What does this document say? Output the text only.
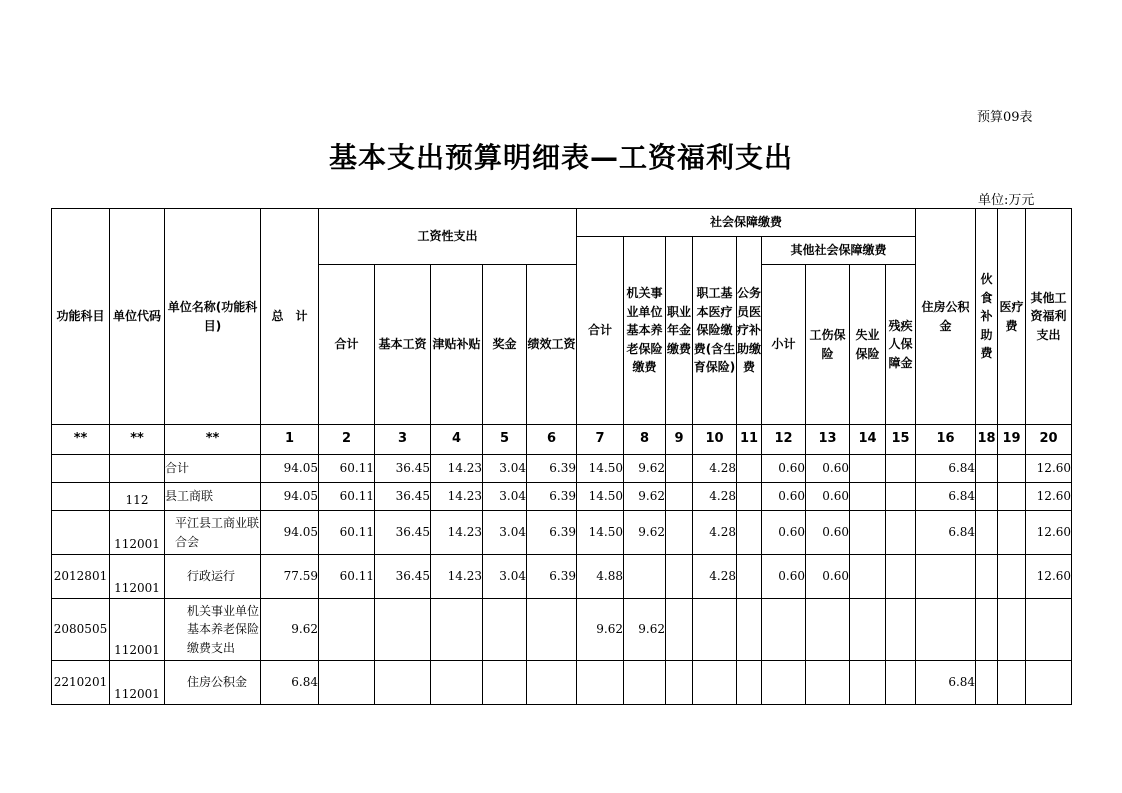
预算09表
基本支出预算明细表—工资福利支出
单位:万元
功能科目	单位代码	单位名称(功能科目)	总　计	工资性支出					社会保障缴费									住房公积金	伙食补助费	医疗费	其他工资福利支出
									合计	机关事业单位基本养老保险缴费	职业年金缴费	职工基本医疗保险缴费(含生育保险)	公务员医疗补助缴费	其他社会保障缴费							
				合计	基本工资	津贴补贴	奖金	绩效工资						小计	工伤保险	失业保险	残疾人保障金				

**	**	**	1	2	3	4	5	6	7	8	9	10	11	12	13	14	15	16	18	19	20
		合计	94.05	60.11	36.45	14.23	3.04	6.39	14.50	9.62		4.28		0.60	0.60			6.84			12.60
	112	县工商联	94.05	60.11	36.45	14.23	3.04	6.39	14.50	9.62		4.28		0.60	0.60			6.84			12.60
	112001	平江县工商业联合会	94.05	60.11	36.45	14.23	3.04	6.39	14.50	9.62		4.28		0.60	0.60			6.84			12.60
2012801	112001	行政运行	77.59	60.11	36.45	14.23	3.04	6.39	4.88			4.28		0.60	0.60						12.60
2080505	112001	机关事业单位基本养老保险缴费支出	9.62						9.62	9.62											
2210201	112001	住房公积金	6.84															6.84			
